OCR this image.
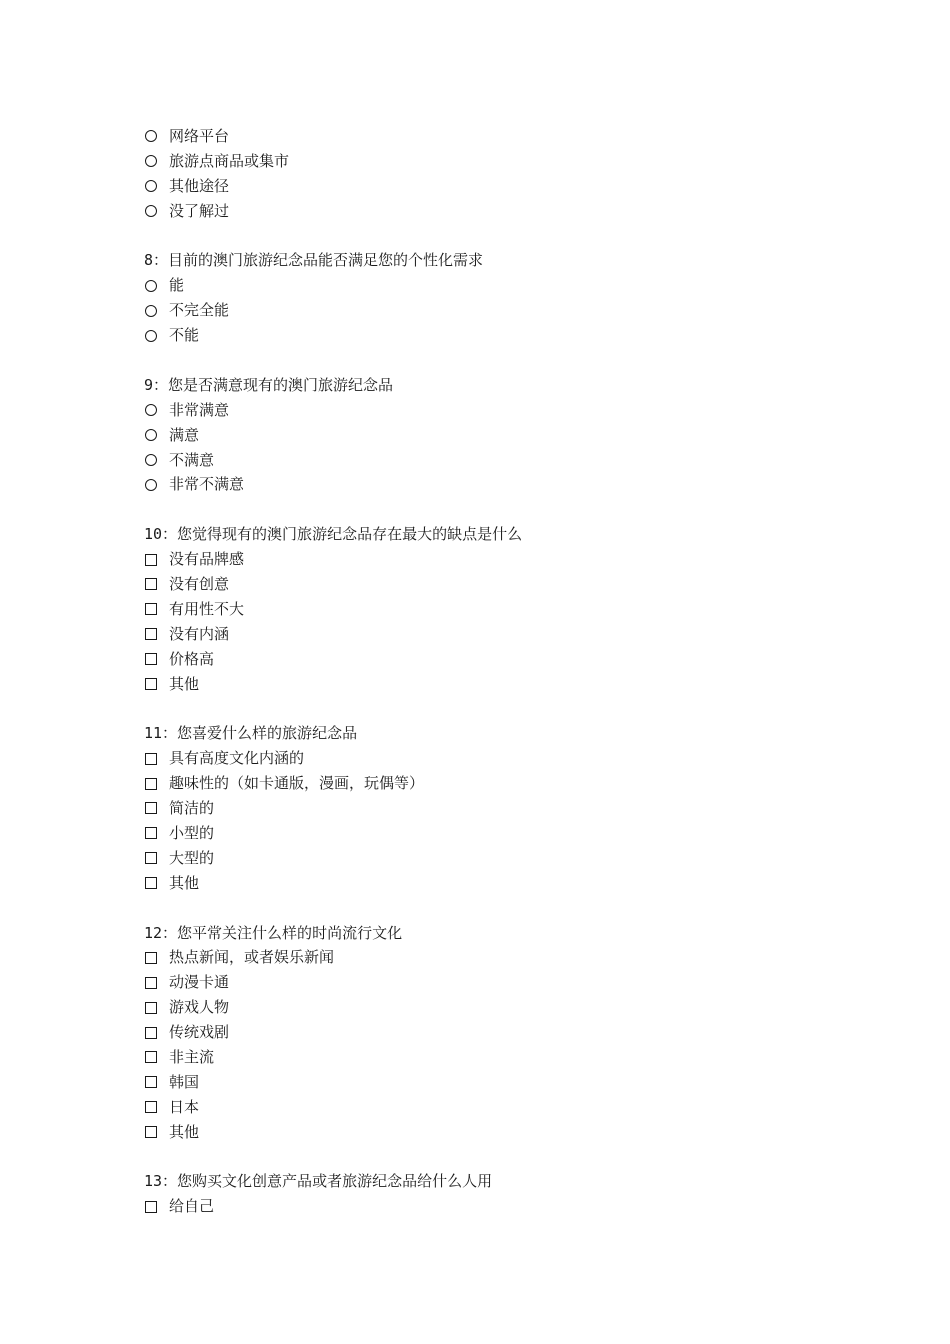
网络平台
旅游点商品或集市
其他途径
没了解过
8：目前的澳门旅游纪念品能否满足您的个性化需求
能
不完全能
不能
9：您是否满意现有的澳门旅游纪念品
非常满意
满意
不满意
非常不满意
10：您觉得现有的澳门旅游纪念品存在最大的缺点是什么
没有品牌感
没有创意
有用性不大
没有内涵
价格高
其他
11：您喜爱什么样的旅游纪念品
具有高度文化内涵的
趣味性的（如卡通版，漫画，玩偶等）
简洁的
小型的
大型的
其他
12：您平常关注什么样的时尚流行文化
热点新闻，或者娱乐新闻
动漫卡通
游戏人物
传统戏剧
非主流
韩国
日本
其他
13：您购买文化创意产品或者旅游纪念品给什么人用
给自己
